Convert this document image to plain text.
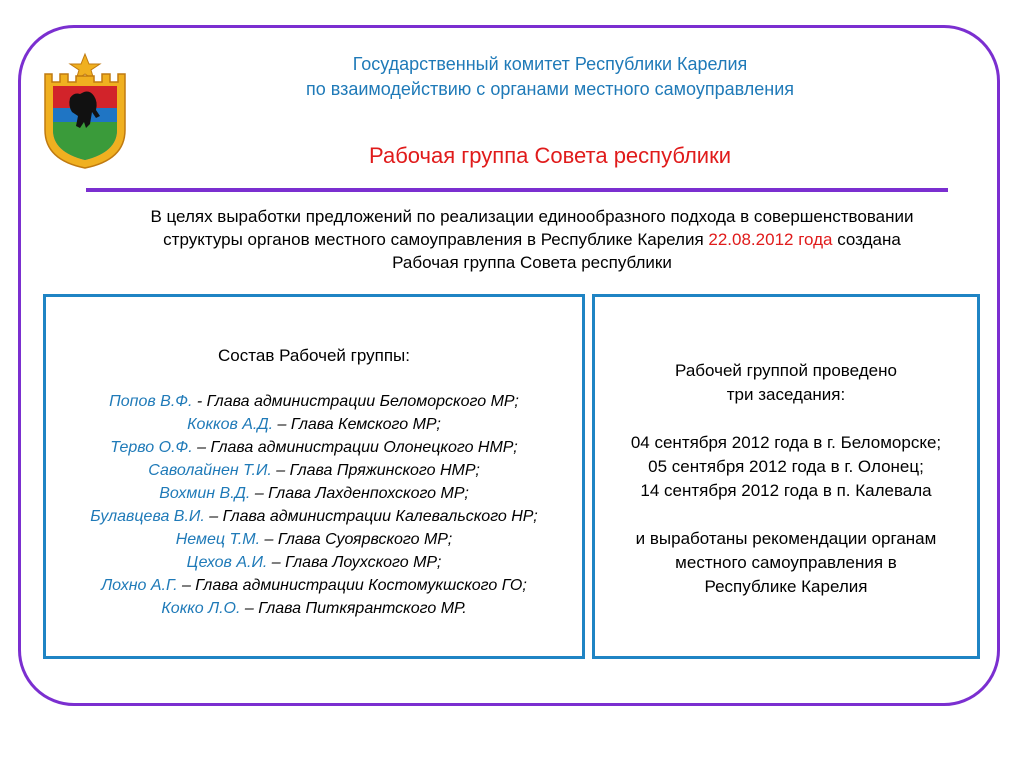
Государственный комитет Республики Карелия
по взаимодействию с органами местного самоуправления
Рабочая группа Совета республики
В целях выработки предложений по реализации единообразного подхода в совершенствовании структуры органов местного самоуправления в Республике Карелия 22.08.2012 года создана Рабочая группа Совета республики
Состав Рабочей группы:
Попов В.Ф. - Глава администрации Беломорского МР;
Кокков А.Д. – Глава Кемского МР;
Терво О.Ф. – Глава администрации Олонецкого НМР;
Саволайнен Т.И. – Глава Пряжинского НМР;
Вохмин В.Д. – Глава Лахденпохского МР;
Булавцева В.И. – Глава администрации Калевальского НР;
Немец Т.М. – Глава Суоярвского МР;
Цехов А.И. – Глава Лоухского МР;
Лохно А.Г. – Глава администрации Костомукшского ГО;
Кокко Л.О. – Глава Питкярантского МР.
Рабочей группой проведено
три заседания:
04 сентября 2012 года в г. Беломорске;
05 сентября 2012 года в г. Олонец;
14 сентября 2012 года в п. Калевала
и выработаны рекомендации органам
местного самоуправления в
Республике Карелия
